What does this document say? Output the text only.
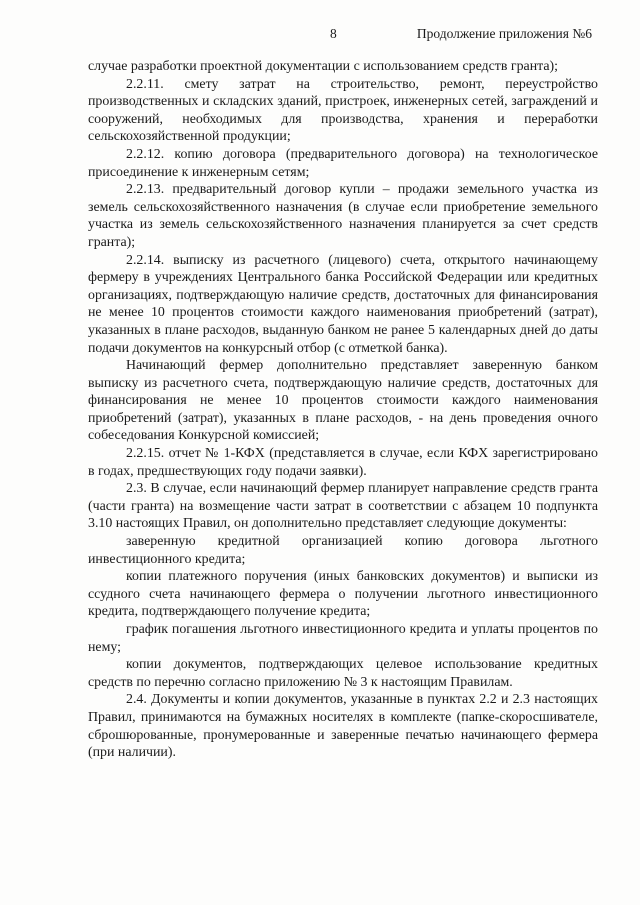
8	Продолжение приложения №6

случае разработки проектной документации с использованием средств гранта);

2.2.11. смету затрат на строительство, ремонт, переустройство производственных и складских зданий, пристроек, инженерных сетей, заграждений и сооружений, необходимых для производства, хранения и переработки сельскохозяйственной продукции;

2.2.12. копию договора (предварительного договора) на технологическое присоединение к инженерным сетям;

2.2.13. предварительный договор купли – продажи земельного участка из земель сельскохозяйственного назначения (в случае если приобретение земельного участка из земель сельскохозяйственного назначения планируется за счет средств гранта);

2.2.14. выписку из расчетного (лицевого) счета, открытого начинающему фермеру в учреждениях Центрального банка Российской Федерации или кредитных организациях, подтверждающую наличие средств, достаточных для финансирования не менее 10 процентов стоимости каждого наименования приобретений (затрат), указанных в плане расходов, выданную банком не ранее 5 календарных дней до даты подачи документов на конкурсный отбор (с отметкой банка).

Начинающий фермер дополнительно представляет заверенную банком выписку из расчетного счета, подтверждающую наличие средств, достаточных для финансирования не менее 10 процентов стоимости каждого наименования приобретений (затрат), указанных в плане расходов, - на день проведения очного собеседования Конкурсной комиссией;

2.2.15. отчет № 1-КФХ (представляется в случае, если КФХ зарегистрировано в годах, предшествующих году подачи заявки).

2.3. В случае, если начинающий фермер планирует направление средств гранта (части гранта) на возмещение части затрат в соответствии с абзацем 10 подпункта 3.10 настоящих Правил, он дополнительно представляет следующие документы:

заверенную кредитной организацией копию договора льготного инвестиционного кредита;

копии платежного поручения (иных банковских документов) и выписки из ссудного счета начинающего фермера о получении льготного инвестиционного кредита, подтверждающего получение кредита;

график погашения льготного инвестиционного кредита и уплаты процентов по нему;

копии документов, подтверждающих целевое использование кредитных средств по перечню согласно приложению № 3 к настоящим Правилам.

2.4. Документы и копии документов, указанные в пунктах 2.2 и 2.3 настоящих Правил, принимаются на бумажных носителях в комплекте (папке-скоросшивателе, сброшюрованные, пронумерованные и заверенные печатью начинающего фермера (при наличии).
